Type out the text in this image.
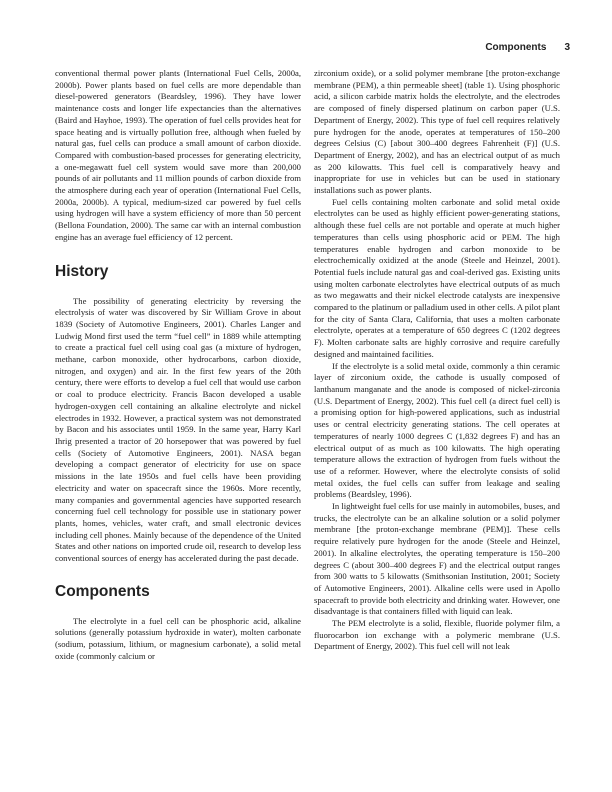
Components 3

conventional thermal power plants (International Fuel Cells, 2000a, 2000b). Power plants based on fuel cells are more dependable than diesel-powered generators (Beardsley, 1996). They have lower maintenance costs and longer life expectancies than the alternatives (Baird and Hayhoe, 1993). The operation of fuel cells provides heat for space heating and is virtually pollution free, although when fueled by natural gas, fuel cells can produce a small amount of carbon dioxide. Compared with combustion-based processes for generating electricity, a one-megawatt fuel cell system would save more than 200,000 pounds of air pollutants and 11 million pounds of carbon dioxide from the atmosphere during each year of operation (International Fuel Cells, 2000a, 2000b). A typical, medium-sized car powered by fuel cells using hydrogen will have a system efficiency of more than 50 percent (Bellona Foundation, 2000). The same car with an internal combustion engine has an average fuel efficiency of 12 percent.

History

The possibility of generating electricity by reversing the electrolysis of water was discovered by Sir William Grove in about 1839 (Society of Automotive Engineers, 2001). Charles Langer and Ludwig Mond first used the term “fuel cell” in 1889 while attempting to create a practical fuel cell using coal gas (a mixture of hydrogen, methane, carbon monoxide, other hydrocarbons, carbon dioxide, nitrogen, and oxygen) and air. In the first few years of the 20th century, there were efforts to develop a fuel cell that would use carbon or coal to produce electricity. Francis Bacon developed a usable hydrogen-oxygen cell containing an alkaline electrolyte and nickel electrodes in 1932. However, a practical system was not demonstrated by Bacon and his associates until 1959. In the same year, Harry Karl Ihrig presented a tractor of 20 horsepower that was powered by fuel cells (Society of Automotive Engineers, 2001). NASA began developing a compact generator of electricity for use on space missions in the late 1950s and fuel cells have been providing electricity and water on spacecraft since the 1960s. More recently, many companies and governmental agencies have supported research concerning fuel cell technology for possible use in stationary power plants, homes, vehicles, water craft, and small electronic devices including cell phones. Mainly because of the dependence of the United States and other nations on imported crude oil, research to develop less conventional sources of energy has accelerated during the past decade.

Components

The electrolyte in a fuel cell can be phosphoric acid, alkaline solutions (generally potassium hydroxide in water), molten carbonate (sodium, potassium, lithium, or magnesium carbonate), a solid metal oxide (commonly calcium or

zirconium oxide), or a solid polymer membrane [the proton-exchange membrane (PEM), a thin permeable sheet] (table 1). Using phosphoric acid, a silicon carbide matrix holds the electrolyte, and the electrodes are composed of finely dispersed platinum on carbon paper (U.S. Department of Energy, 2002). This type of fuel cell requires relatively pure hydrogen for the anode, operates at temperatures of 150–200 degrees Celsius (C) [about 300–400 degrees Fahrenheit (F)] (U.S. Department of Energy, 2002), and has an electrical output of as much as 200 kilowatts. This fuel cell is comparatively heavy and inappropriate for use in vehicles but can be used in stationary installations such as power plants.

Fuel cells containing molten carbonate and solid metal oxide electrolytes can be used as highly efficient power-generating stations, although these fuel cells are not portable and operate at much higher temperatures than cells using phosphoric acid or PEM. The high temperatures enable hydrogen and carbon monoxide to be electrochemically oxidized at the anode (Steele and Heinzel, 2001). Potential fuels include natural gas and coal-derived gas. Existing units using molten carbonate electrolytes have electrical outputs of as much as two megawatts and their nickel electrode catalysts are inexpensive compared to the platinum or palladium used in other cells. A pilot plant for the city of Santa Clara, California, that uses a molten carbonate electrolyte, operates at a temperature of 650 degrees C (1202 degrees F). Molten carbonate salts are highly corrosive and require carefully designed and maintained facilities.

If the electrolyte is a solid metal oxide, commonly a thin ceramic layer of zirconium oxide, the cathode is usually composed of lanthanum manganate and the anode is composed of nickel-zirconia (U.S. Department of Energy, 2002). This fuel cell (a direct fuel cell) is a promising option for high-powered applications, such as industrial uses or central electricity generating stations. The cell operates at temperatures of nearly 1000 degrees C (1,832 degrees F) and has an electrical output of as much as 100 kilowatts. The high operating temperature allows the extraction of hydrogen from fuels without the use of a reformer. However, where the electrolyte consists of solid metal oxides, the fuel cells can suffer from leakage and sealing problems (Beardsley, 1996).

In lightweight fuel cells for use mainly in automobiles, buses, and trucks, the electrolyte can be an alkaline solution or a solid polymer membrane [the proton-exchange membrane (PEM)]. These cells require relatively pure hydrogen for the anode (Steele and Heinzel, 2001). In alkaline electrolytes, the operating temperature is 150–200 degrees C (about 300–400 degrees F) and the electrical output ranges from 300 watts to 5 kilowatts (Smithsonian Institution, 2001; Society of Automotive Engineers, 2001). Alkaline cells were used in Apollo spacecraft to provide both electricity and drinking water. However, one disadvantage is that containers filled with liquid can leak.

The PEM electrolyte is a solid, flexible, fluoride polymer film, a fluorocarbon ion exchange with a polymeric membrane (U.S. Department of Energy, 2002). This fuel cell will not leak
